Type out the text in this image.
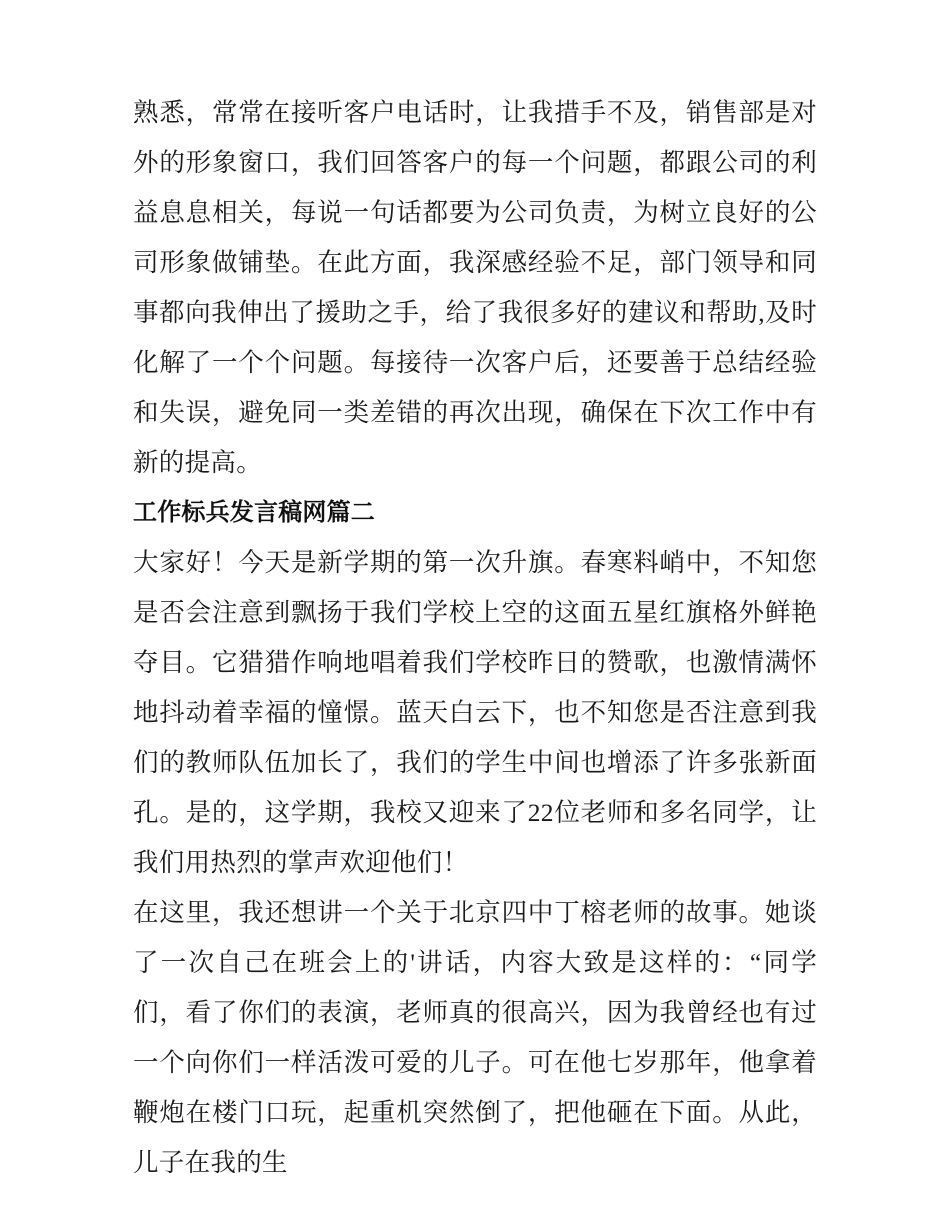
熟悉，常常在接听客户电话时，让我措手不及，销售部是对外的形象窗口，我们回答客户的每一个问题，都跟公司的利益息息相关，每说一句话都要为公司负责，为树立良好的公司形象做铺垫。在此方面，我深感经验不足，部门领导和同事都向我伸出了援助之手，给了我很多好的建议和帮助,及时化解了一个个问题。每接待一次客户后，还要善于总结经验和失误，避免同一类差错的再次出现，确保在下次工作中有新的提高。

工作标兵发言稿网篇二

大家好！今天是新学期的第一次升旗。春寒料峭中，不知您是否会注意到飘扬于我们学校上空的这面五星红旗格外鲜艳夺目。它猎猎作响地唱着我们学校昨日的赞歌，也激情满怀地抖动着幸福的憧憬。蓝天白云下，也不知您是否注意到我们的教师队伍加长了，我们的学生中间也增添了许多张新面孔。是的，这学期，我校又迎来了22位老师和多名同学，让我们用热烈的掌声欢迎他们！

在这里，我还想讲一个关于北京四中丁榕老师的故事。她谈了一次自己在班会上的'讲话，内容大致是这样的：“同学们，看了你们的表演，老师真的很高兴，因为我曾经也有过一个向你们一样活泼可爱的儿子。可在他七岁那年，他拿着鞭炮在楼门口玩，起重机突然倒了，把他砸在下面。从此，儿子在我的生
